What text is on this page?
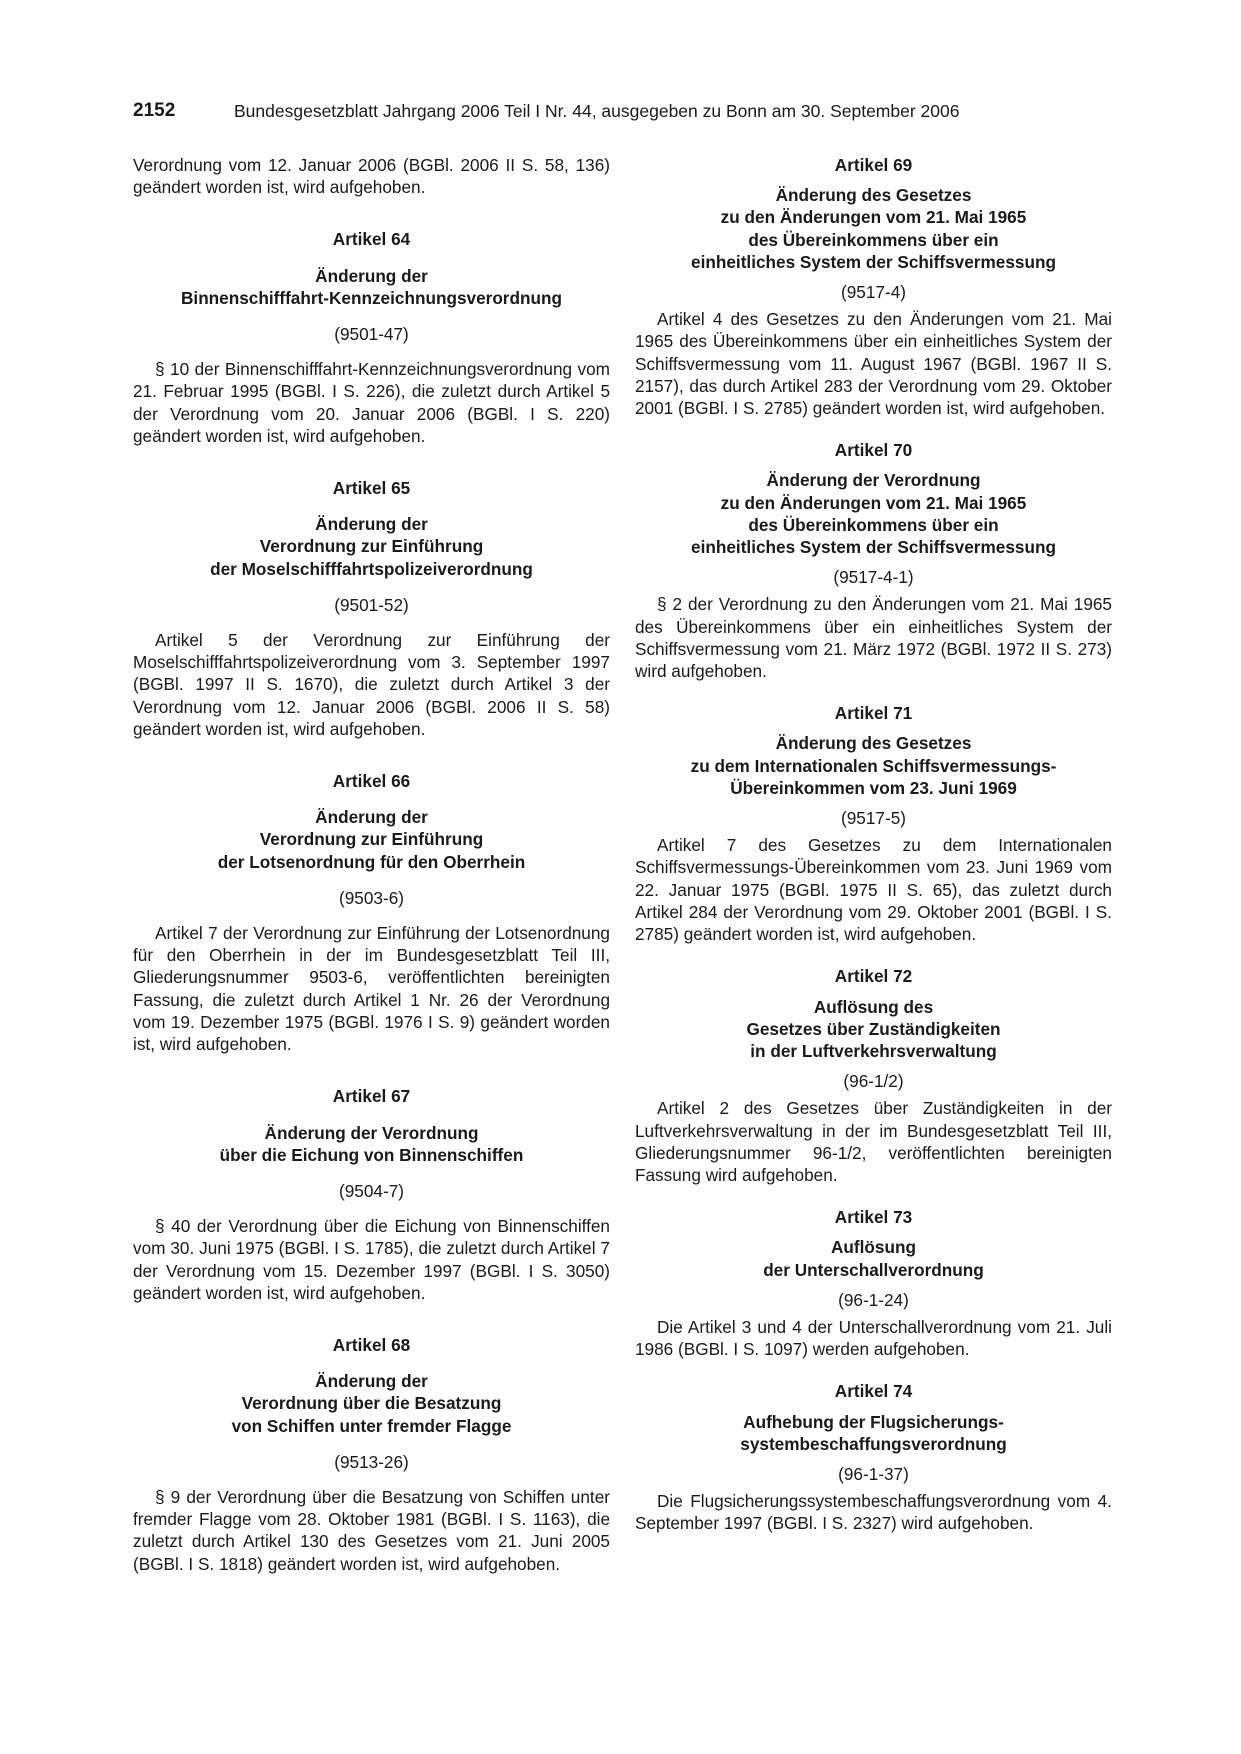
2152	Bundesgesetzblatt Jahrgang 2006 Teil I Nr. 44, ausgegeben zu Bonn am 30. September 2006

Verordnung vom 12. Januar 2006 (BGBl. 2006 II S. 58, 136) geändert worden ist, wird aufgehoben.

Artikel 64

Änderung der
Binnenschifffahrt-Kennzeichnungsverordnung

(9501-47)

§ 10 der Binnenschifffahrt-Kennzeichnungsverordnung vom 21. Februar 1995 (BGBl. I S. 226), die zuletzt durch Artikel 5 der Verordnung vom 20. Januar 2006 (BGBl. I S. 220) geändert worden ist, wird aufgehoben.

Artikel 65

Änderung der
Verordnung zur Einführung
der Moselschifffahrtspolizeiverordnung

(9501-52)

Artikel 5 der Verordnung zur Einführung der Moselschifffahrtspolizeiverordnung vom 3. September 1997 (BGBl. 1997 II S. 1670), die zuletzt durch Artikel 3 der Verordnung vom 12. Januar 2006 (BGBl. 2006 II S. 58) geändert worden ist, wird aufgehoben.

Artikel 66

Änderung der
Verordnung zur Einführung
der Lotsenordnung für den Oberrhein

(9503-6)

Artikel 7 der Verordnung zur Einführung der Lotsenordnung für den Oberrhein in der im Bundesgesetzblatt Teil III, Gliederungsnummer 9503-6, veröffentlichten bereinigten Fassung, die zuletzt durch Artikel 1 Nr. 26 der Verordnung vom 19. Dezember 1975 (BGBl. 1976 I S. 9) geändert worden ist, wird aufgehoben.

Artikel 67

Änderung der Verordnung
über die Eichung von Binnenschiffen

(9504-7)

§ 40 der Verordnung über die Eichung von Binnenschiffen vom 30. Juni 1975 (BGBl. I S. 1785), die zuletzt durch Artikel 7 der Verordnung vom 15. Dezember 1997 (BGBl. I S. 3050) geändert worden ist, wird aufgehoben.

Artikel 68

Änderung der
Verordnung über die Besatzung
von Schiffen unter fremder Flagge

(9513-26)

§ 9 der Verordnung über die Besatzung von Schiffen unter fremder Flagge vom 28. Oktober 1981 (BGBl. I S. 1163), die zuletzt durch Artikel 130 des Gesetzes vom 21. Juni 2005 (BGBl. I S. 1818) geändert worden ist, wird aufgehoben.

Artikel 69

Änderung des Gesetzes
zu den Änderungen vom 21. Mai 1965
des Übereinkommens über ein
einheitliches System der Schiffsvermessung

(9517-4)

Artikel 4 des Gesetzes zu den Änderungen vom 21. Mai 1965 des Übereinkommens über ein einheitliches System der Schiffsvermessung vom 11. August 1967 (BGBl. 1967 II S. 2157), das durch Artikel 283 der Verordnung vom 29. Oktober 2001 (BGBl. I S. 2785) geändert worden ist, wird aufgehoben.

Artikel 70

Änderung der Verordnung
zu den Änderungen vom 21. Mai 1965
des Übereinkommens über ein
einheitliches System der Schiffsvermessung

(9517-4-1)

§ 2 der Verordnung zu den Änderungen vom 21. Mai 1965 des Übereinkommens über ein einheitliches System der Schiffsvermessung vom 21. März 1972 (BGBl. 1972 II S. 273) wird aufgehoben.

Artikel 71

Änderung des Gesetzes
zu dem Internationalen Schiffsvermessungs-
Übereinkommen vom 23. Juni 1969

(9517-5)

Artikel 7 des Gesetzes zu dem Internationalen Schiffsvermessungs-Übereinkommen vom 23. Juni 1969 vom 22. Januar 1975 (BGBl. 1975 II S. 65), das zuletzt durch Artikel 284 der Verordnung vom 29. Oktober 2001 (BGBl. I S. 2785) geändert worden ist, wird aufgehoben.

Artikel 72

Auflösung des
Gesetzes über Zuständigkeiten
in der Luftverkehrsverwaltung

(96-1/2)

Artikel 2 des Gesetzes über Zuständigkeiten in der Luftverkehrsverwaltung in der im Bundesgesetzblatt Teil III, Gliederungsnummer 96-1/2, veröffentlichten bereinigten Fassung wird aufgehoben.

Artikel 73

Auflösung
der Unterschallverordnung

(96-1-24)

Die Artikel 3 und 4 der Unterschallverordnung vom 21. Juli 1986 (BGBl. I S. 1097) werden aufgehoben.

Artikel 74

Aufhebung der Flugsicherungs-
systembeschaffungsverordnung

(96-1-37)

Die Flugsicherungssystembeschaffungsverordnung vom 4. September 1997 (BGBl. I S. 2327) wird aufgehoben.
